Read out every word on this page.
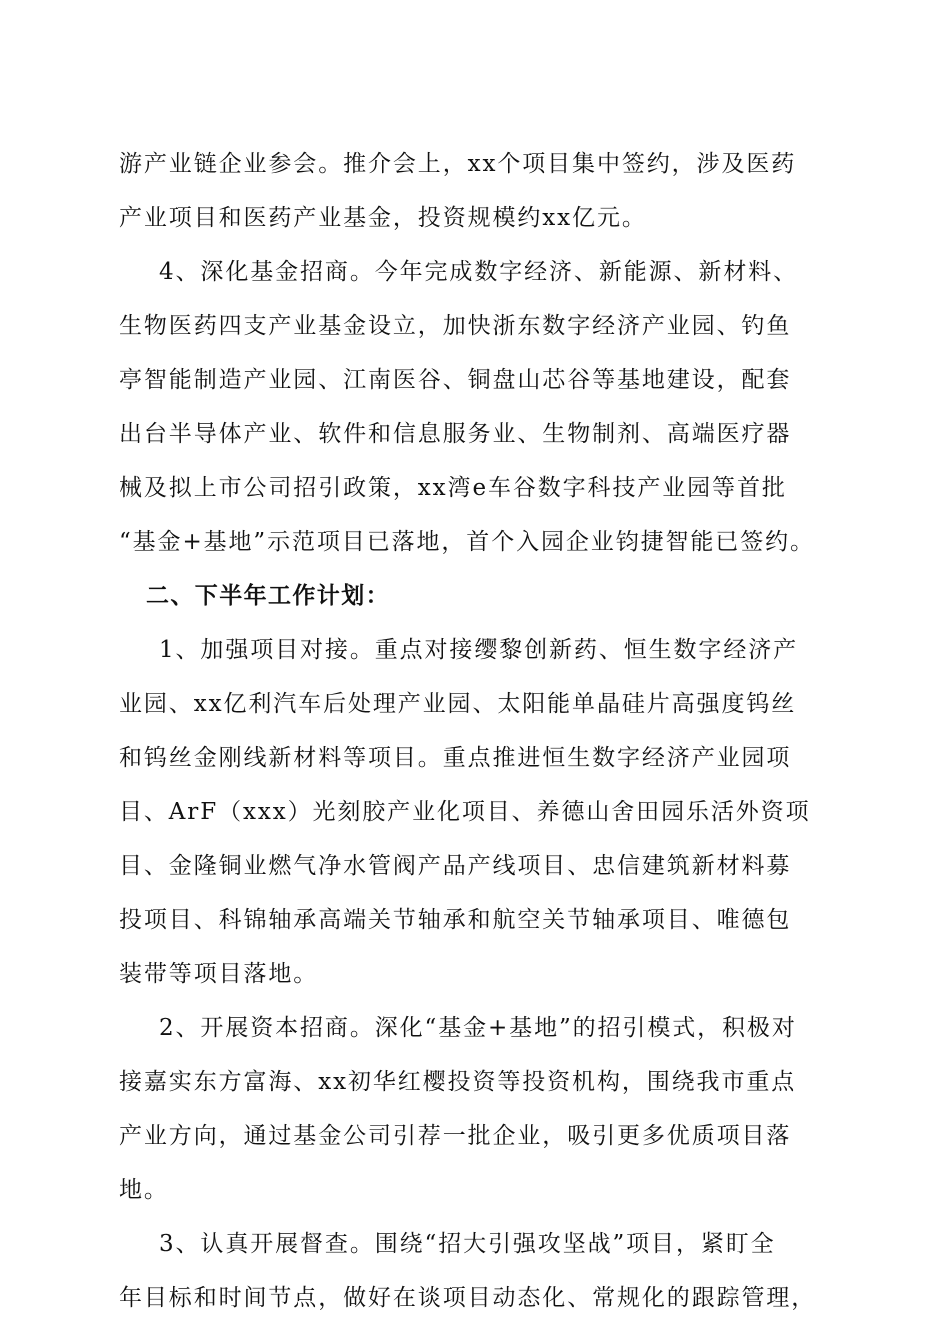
游产业链企业参会。推介会上，xx个项目集中签约，涉及医药
产业项目和医药产业基金，投资规模约xx亿元。
4、深化基金招商。今年完成数字经济、新能源、新材料、
生物医药四支产业基金设立，加快浙东数字经济产业园、钓鱼
亭智能制造产业园、江南医谷、铜盘山芯谷等基地建设，配套
出台半导体产业、软件和信息服务业、生物制剂、高端医疗器
械及拟上市公司招引政策，xx湾e车谷数字科技产业园等首批
“基金+基地”示范项目已落地，首个入园企业钧捷智能已签约。
二、下半年工作计划：
1、加强项目对接。重点对接缨黎创新药、恒生数字经济产
业园、xx亿利汽车后处理产业园、太阳能单晶硅片高强度钨丝
和钨丝金刚线新材料等项目。重点推进恒生数字经济产业园项
目、ArF（xxx）光刻胶产业化项目、养德山舍田园乐活外资项
目、金隆铜业燃气净水管阀产品产线项目、忠信建筑新材料募
投项目、科锦轴承高端关节轴承和航空关节轴承项目、唯德包
装带等项目落地。
2、开展资本招商。深化“基金+基地”的招引模式，积极对
接嘉实东方富海、xx初华红樱投资等投资机构，围绕我市重点
产业方向，通过基金公司引荐一批企业，吸引更多优质项目落
地。
3、认真开展督查。围绕“招大引强攻坚战”项目，紧盯全
年目标和时间节点，做好在谈项目动态化、常规化的跟踪管理，
